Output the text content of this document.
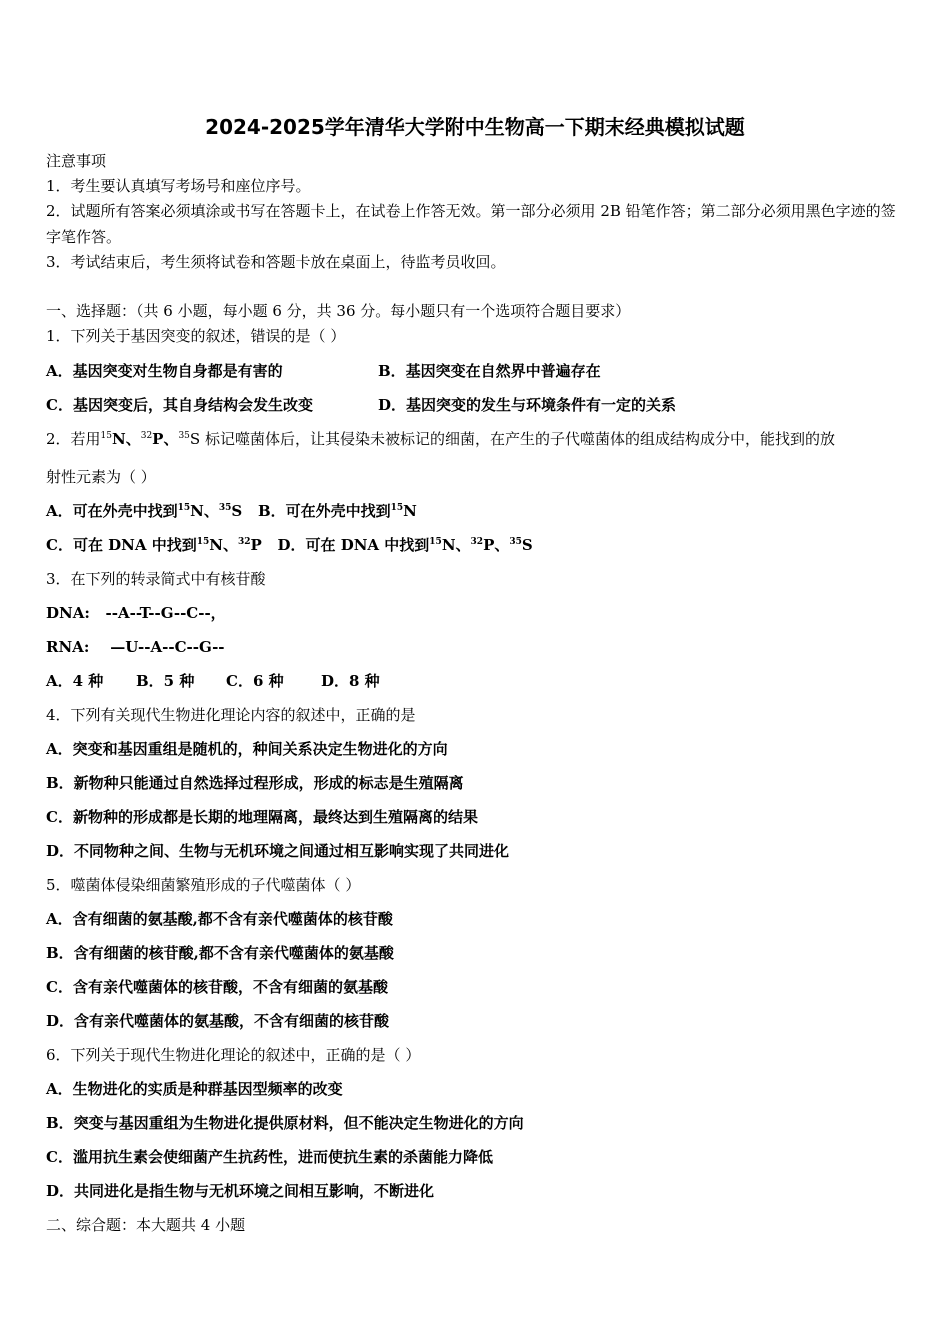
2024-2025学年清华大学附中生物高一下期末经典模拟试题
注意事项
1．考生要认真填写考场号和座位序号。
2．试题所有答案必须填涂或书写在答题卡上，在试卷上作答无效。第一部分必须用 2B 铅笔作答；第二部分必须用黑色字迹的签字笔作答。
3．考试结束后，考生须将试卷和答题卡放在桌面上，待监考员收回。
一、选择题：（共 6 小题，每小题 6 分，共 36 分。每小题只有一个选项符合题目要求）
1．下列关于基因突变的叙述，错误的是（ ）
A．基因突变对生物自身都是有害的	B．基因突变在自然界中普遍存在
C．基因突变后，其自身结构会发生改变	D．基因突变的发生与环境条件有一定的关系
2．若用$^{15}$N、$^{32}$P、$^{35}$S 标记噬菌体后，让其侵染未被标记的细菌，在产生的子代噬菌体的组成结构成分中，能找到的放
射性元素为（ ）
A．可在外壳中找到$^{15}$N、$^{35}$S B．可在外壳中找到$^{15}$N
C．可在 DNA 中找到$^{15}$N、$^{32}$P D．可在 DNA 中找到$^{15}$N、$^{32}$P、$^{35}$S
3．在下列的转录简式中有核苷酸
DNA:   --A--T--G--C--，
RNA:    —U--A--C--G--
A．4 种 B．5 种 C．6 种 D．8 种
4．下列有关现代生物进化理论内容的叙述中，正确的是
A．突变和基因重组是随机的，种间关系决定生物进化的方向
B．新物种只能通过自然选择过程形成，形成的标志是生殖隔离
C．新物种的形成都是长期的地理隔离，最终达到生殖隔离的结果
D．不同物种之间、生物与无机环境之间通过相互影响实现了共同进化
5．噬菌体侵染细菌繁殖形成的子代噬菌体（ ）
A．含有细菌的氨基酸,都不含有亲代噬菌体的核苷酸
B．含有细菌的核苷酸,都不含有亲代噬菌体的氨基酸
C．含有亲代噬菌体的核苷酸，不含有细菌的氨基酸
D．含有亲代噬菌体的氨基酸，不含有细菌的核苷酸
6．下列关于现代生物进化理论的叙述中，正确的是（ ）
A．生物进化的实质是种群基因型频率的改变
B．突变与基因重组为生物进化提供原材料，但不能决定生物进化的方向
C．滥用抗生素会使细菌产生抗药性，进而使抗生素的杀菌能力降低
D．共同进化是指生物与无机环境之间相互影响，不断进化
二、综合题：本大题共 4 小题
